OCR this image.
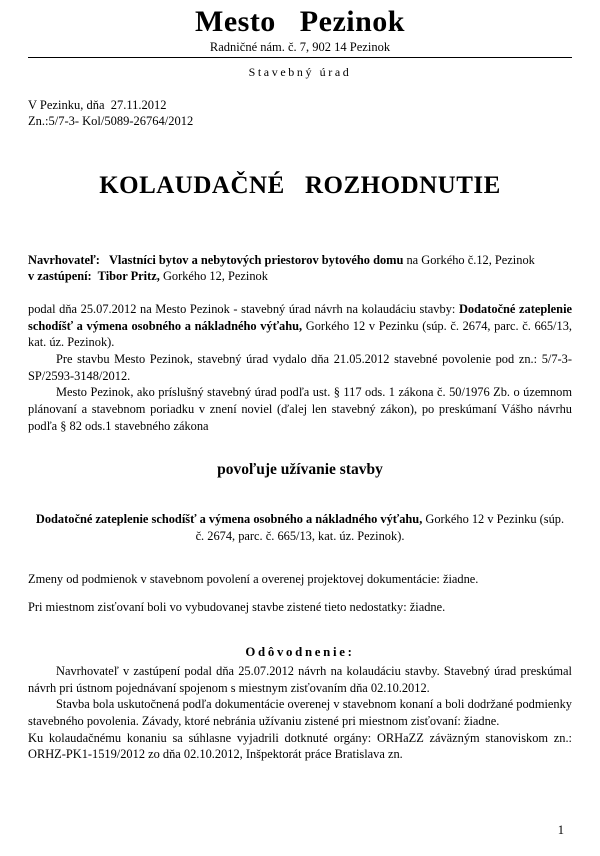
Mesto   Pezinok
Radničné nám. č. 7, 902 14 Pezinok
Stavebný úrad
V Pezinku, dňa  27.11.2012
Zn.:5/7-3- Kol/5089-26764/2012
KOLAUDAČNÉ   ROZHODNUTIE

Navrhovateľ: Vlastníci bytov a nebytových priestorov bytového domu na Gorkého č.12, Pezinok

v zastúpení: Tibor Pritz, Gorkého 12, Pezinok

podal dňa 25.07.2012 na Mesto Pezinok - stavebný úrad návrh na kolaudáciu stavby: Dodatočné zateplenie schodíšť a výmena osobného a nákladného výťahu, Gorkého 12 v Pezinku (súp. č. 2674, parc. č. 665/13, kat. úz. Pezinok).

Pre stavbu Mesto Pezinok, stavebný úrad vydalo dňa 21.05.2012 stavebné povolenie pod zn.: 5/7-3-SP/2593-3148/2012.

Mesto Pezinok, ako príslušný stavebný úrad podľa ust. § 117 ods. 1 zákona č. 50/1976 Zb. o územnom plánovaní a stavebnom poriadku v znení noviel (ďalej len stavebný zákon), po preskúmaní Vášho návrhu podľa § 82 ods.1 stavebného zákona

povoľuje užívanie stavby
Dodatočné zateplenie schodíšť a výmena osobného a nákladného výťahu, Gorkého 12 v Pezinku (súp. č. 2674, parc. č. 665/13, kat. úz. Pezinok).

Zmeny od podmienok v stavebnom povolení a overenej projektovej dokumentácie: žiadne.

Pri miestnom zisťovaní boli vo vybudovanej stavbe zistené tieto nedostatky: žiadne.

Odôvodnenie:

Navrhovateľ v zastúpení podal dňa 25.07.2012 návrh na kolaudáciu stavby. Stavebný úrad preskúmal návrh pri ústnom pojednávaní spojenom s miestnym zisťovaním dňa 02.10.2012.

Stavba bola uskutočnená podľa dokumentácie overenej v stavebnom konaní a boli dodržané podmienky stavebného povolenia. Závady, ktoré nebránia užívaniu zistené pri miestnom zisťovaní: žiadne.

Ku kolaudačnému konaniu sa súhlasne vyjadrili dotknuté orgány: ORHaZZ záväzným stanoviskom zn.: ORHZ-PK1-1519/2012 zo dňa 02.10.2012, Inšpektorát práce Bratislava zn.

1
